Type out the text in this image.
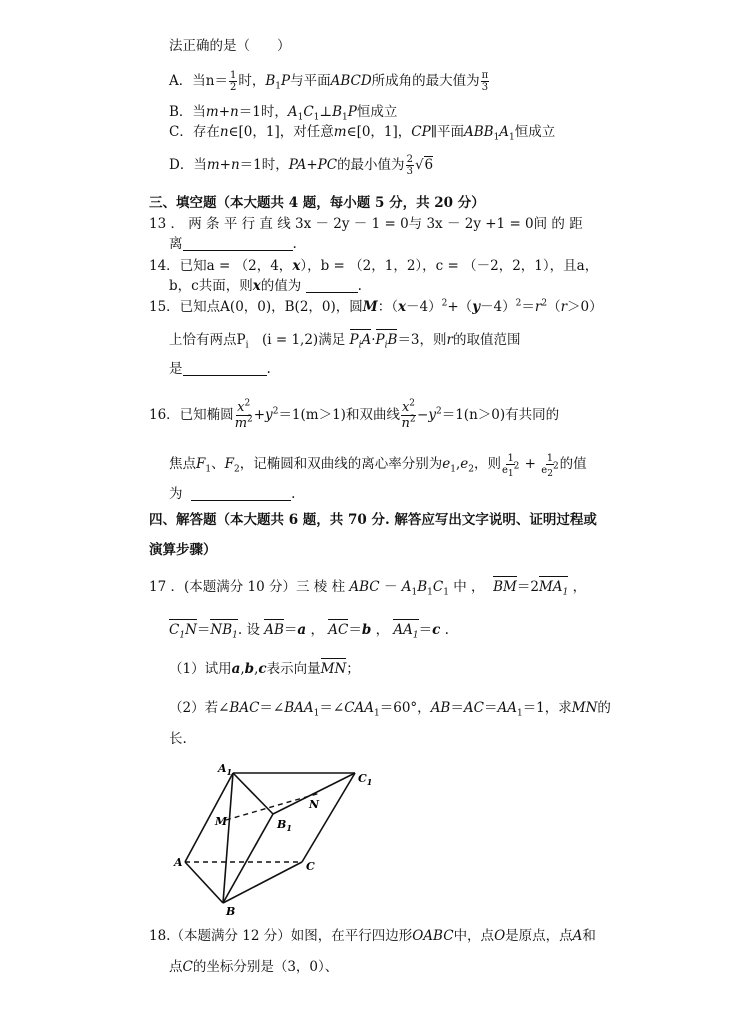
法正确的是（　　）
A．当$n= \frac{1}{2}$ 时，$B_1P$与平面ABCD所成角的最大值为 $\frac{\pi}{3}$
B．当m+n＝1时，$A_1C_1\perp B_1P$恒成立
C．存在n∈[0，1]，对任意m∈[0，1]，CP∥平面$ABB_1A_1$恒成立
D．当m+n＝1时，PA+PC的最小值为 $\frac{2}{3} √6$
三、填空题（本大题共 4 题，每小题 5 分，共 20 分）
13 ． 两 条 平 行 直 线 3x － 2y － 1 = 0与 3x － 2y +1 = 0间 的 距
离	.
14．已知a = （2，4，x），b = （2，1，2），c = （－2，2，1），且a，
b，c共面，则x的值为	.
15．已知点A(0，0)，B(2，0)，圆M：$(x-4)^2+(y-4)^2=r^2(r>0)$
上恰有两点$P_i$　(i = 1,2)满足 $P_iA\cdot P_iB=3$，则r的取值范围
是	.
16．已知椭圆 $\frac{x^2}{m^2} +y^2=1(m>1)$和双曲线 $\frac{x^2}{n^2} -y^2=1(n>0)$有共同的
焦点$F_1$、$F_2$，记椭圆和双曲线的离心率分别为$e_1,e_2$，则 $\frac{1}{e_1^2} + \frac{1}{e_2^2}$ 的值
为	.
四、解答题（本大题共 6 题，共 70 分. 解答应写出文字说明、证明过程或
演算步骤）
17 ．(本题满分 10 分）三 棱 柱 ABC － $A_1B_1C_1$ 中 ， $BM=2MA_1$ ，
$C_1N=NB_1$. 设 AB＝a ， AC＝b ， $AA_1=c$ .
（1）试用a,b,c表示向量MN；
（2）若$\angle BAC=\angle BAA_1=\angle CAA_1=60^\circ$，$AB=AC=AA_1=1$，求MN的
长.
$A_1$	$C_1$
M
N
$B_1$
A	C
B
18.（本题满分 12 分）如图，在平行四边形OABC中，点O是原点，点A和
点C的坐标分别是（3，0）、
